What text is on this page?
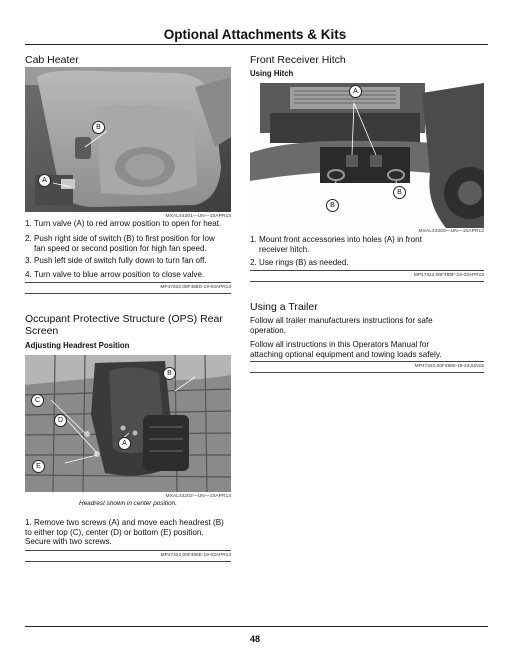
Optional Attachments & Kits
Cab Heater
B
A
MXAL44201—UN—10APR13
1. Turn valve (A) to red arrow position to open for heat.
2. Push right side of switch (B) to first position for low
fan speed or second position for high fan speed.
3. Push left side of switch fully down to turn fan off.
4. Turn valve to blue arrow position to close valve.
MP47322,00F485D-19-03APR13
Occupant Protective Structure (OPS) Rear
Screen
Adjusting Headrest Position
B
C
D
A
E
MXAL44202—UN—10APR13
Headrest shown in center position.
1. Remove two screws (A) and move each headrest (B)
to either top (C), center (D) or bottom (E) position.
Secure with two screws.
MP47322,00F485E-19-03APR13
Front Receiver Hitch
Using Hitch
A
B
B
MXAL44200—UN—10APR13
1. Mount front accessories into holes (A) in front
receiver hitch.
2. Use rings (B) as needed.
MP47322,00F485F-19-03APR13
Using a Trailer
Follow all trailer manufacturers instructions for safe
operation.
Follow all instructions in this Operators Manual for
attaching optional equipment and towing loads safely.
MP47322,00F4860-19-23JUN15
48
